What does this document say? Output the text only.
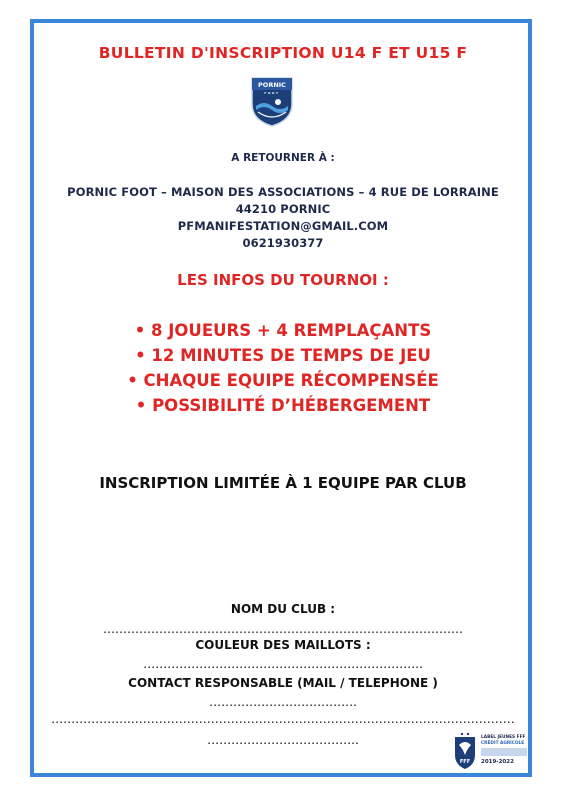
BULLETIN D'INSCRIPTION U14 F ET U15 F
PORNIC
FOOT
A RETOURNER À :
PORNIC FOOT – MAISON DES ASSOCIATIONS – 4 RUE DE LORRAINE
44210 PORNIC
PFMANIFESTATION@GMAIL.COM
0621930377
LES INFOS DU TOURNOI :
• 8 JOUEURS + 4 REMPLAÇANTS
• 12 MINUTES DE TEMPS DE JEU
• CHAQUE EQUIPE RÉCOMPENSÉE
• POSSIBILITÉ D’HÉBERGEMENT
INSCRIPTION LIMITÉE À 1 EQUIPE PAR CLUB
NOM DU CLUB :
………………………………………………………………………………
COULEUR DES MAILLOTS :
…………………………………………………………….
CONTACT RESPONSABLE (MAIL / TELEPHONE )
……………………………….
………………..……………………………………………………………………………………
………………………………..
FFF
LABEL JEUNES FFF
CRÉDIT AGRICOLE
2019-2022
